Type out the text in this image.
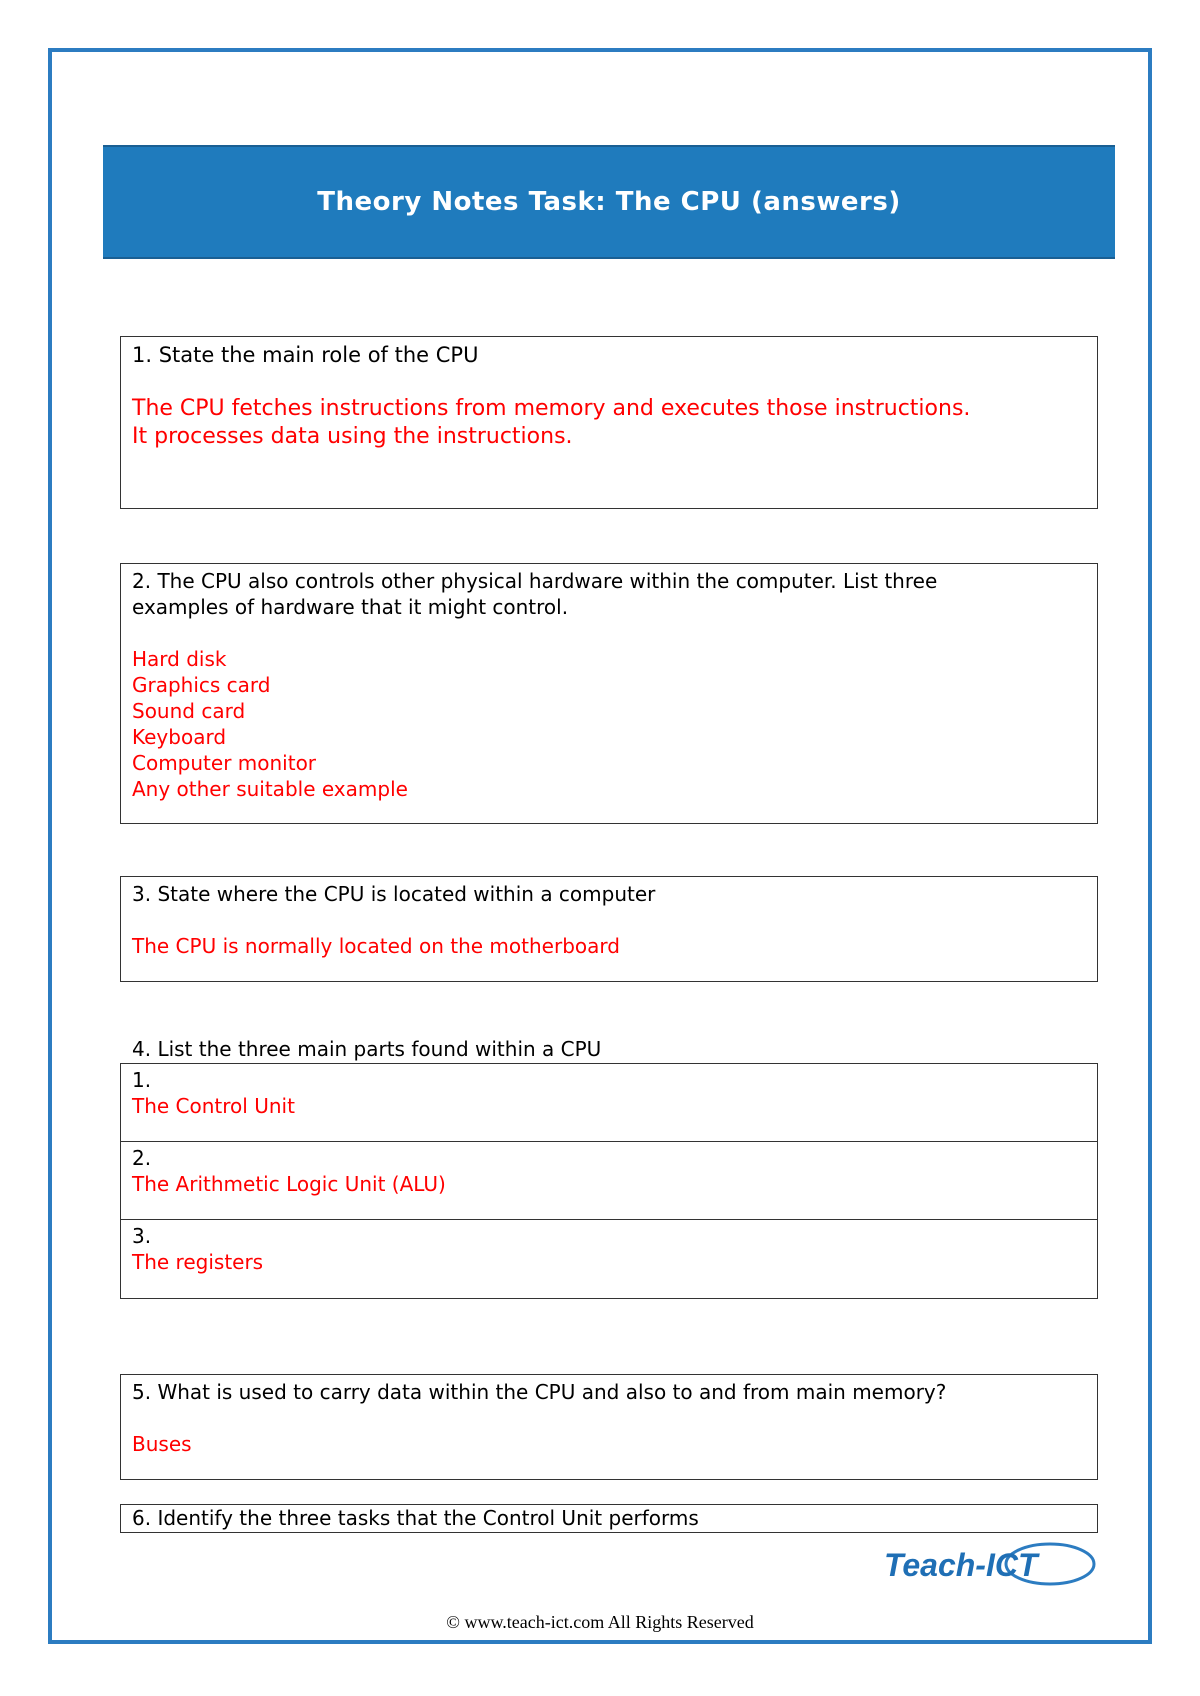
Theory Notes Task: The CPU (answers)
1. State the main role of the CPU
The CPU fetches instructions from memory and executes those instructions.
It processes data using the instructions.
2. The CPU also controls other physical hardware within the computer. List three
examples of hardware that it might control.
Hard disk
Graphics card
Sound card
Keyboard
Computer monitor
Any other suitable example
3. State where the CPU is located within a computer
The CPU is normally located on the motherboard
4. List the three main parts found within a CPU
1.
The Control Unit
2.
The Arithmetic Logic Unit (ALU)
3.
The registers
5. What is used to carry data within the CPU and also to and from main memory?
Buses
6. Identify the three tasks that the Control Unit performs
Teach-ICT
© www.teach-ict.com All Rights Reserved
